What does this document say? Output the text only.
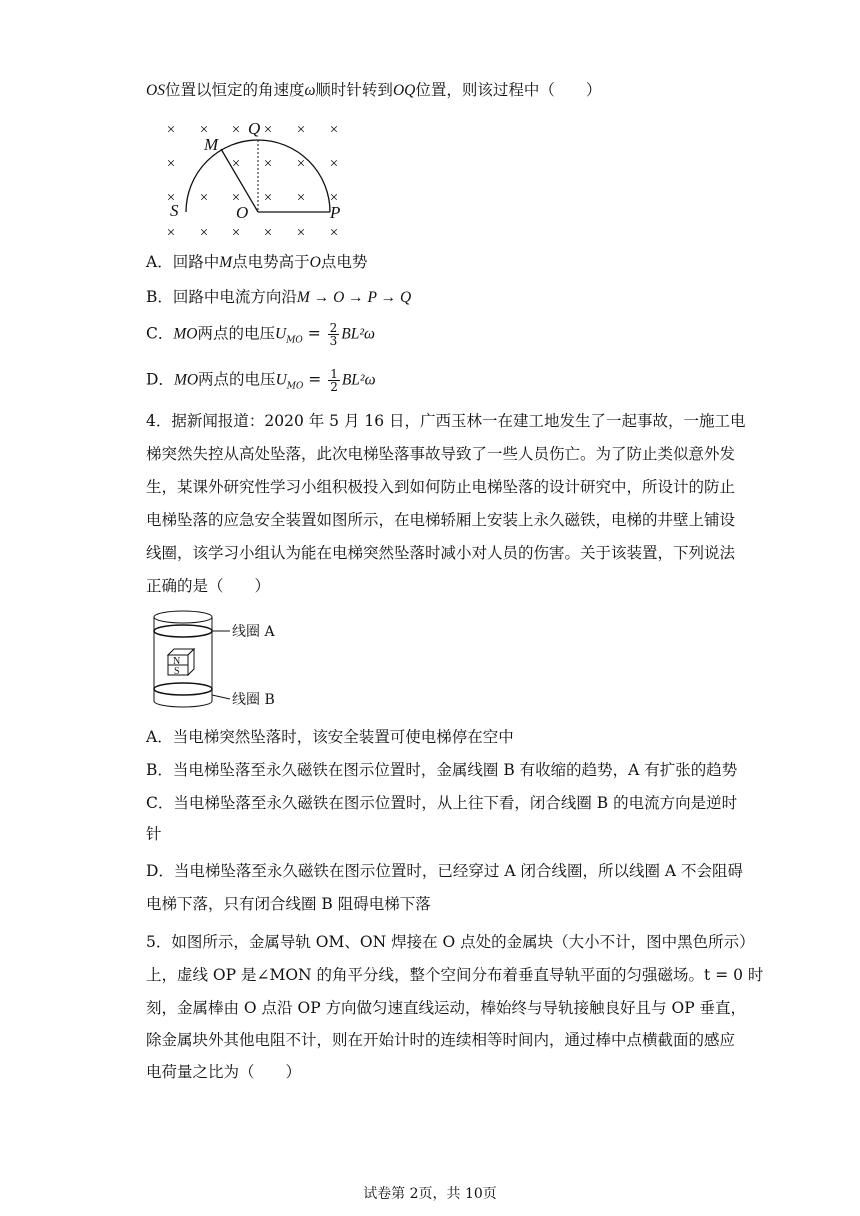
OS位置以恒定的角速度ω顺时针转到OQ位置，则该过程中（　　）
× × × × × ×
×	× × × ×
× × × × × ×
× × × × × ×
Q
M
S	O	P
A．回路中M点电势高于O点电势
B．回路中电流方向沿M → O → P → Q
C．MO两点的电压$U_{MO} = \frac{2}{3} BL^2\omega$
D．MO两点的电压$U_{MO} = \frac{1}{2} BL^2\omega$
4．据新闻报道：2020 年 5 月 16 日，广西玉林一在建工地发生了一起事故，一施工电
梯突然失控从高处坠落，此次电梯坠落事故导致了一些人员伤亡。为了防止类似意外发
生，某课外研究性学习小组积极投入到如何防止电梯坠落的设计研究中，所设计的防止
电梯坠落的应急安全装置如图所示，在电梯轿厢上安装上永久磁铁，电梯的井壁上铺设
线圈，该学习小组认为能在电梯突然坠落时减小对人员的伤害。关于该装置，下列说法
正确的是（　　）
N
S
线圈 A
线圈 B
A．当电梯突然坠落时，该安全装置可使电梯停在空中
B．当电梯坠落至永久磁铁在图示位置时，金属线圈 B 有收缩的趋势，A 有扩张的趋势
C．当电梯坠落至永久磁铁在图示位置时，从上往下看，闭合线圈 B 的电流方向是逆时
针
D．当电梯坠落至永久磁铁在图示位置时，已经穿过 A 闭合线圈，所以线圈 A 不会阻碍
电梯下落，只有闭合线圈 B 阻碍电梯下落
5．如图所示，金属导轨 OM、ON 焊接在 O 点处的金属块（大小不计，图中黑色所示）
上，虚线 OP 是∠MON 的角平分线，整个空间分布着垂直导轨平面的匀强磁场。t = 0 时
刻，金属棒由 O 点沿 OP 方向做匀速直线运动，棒始终与导轨接触良好且与 OP 垂直，
除金属块外其他电阻不计，则在开始计时的连续相等时间内，通过棒中点横截面的感应
电荷量之比为（　　）
试卷第 2页，共 10页
